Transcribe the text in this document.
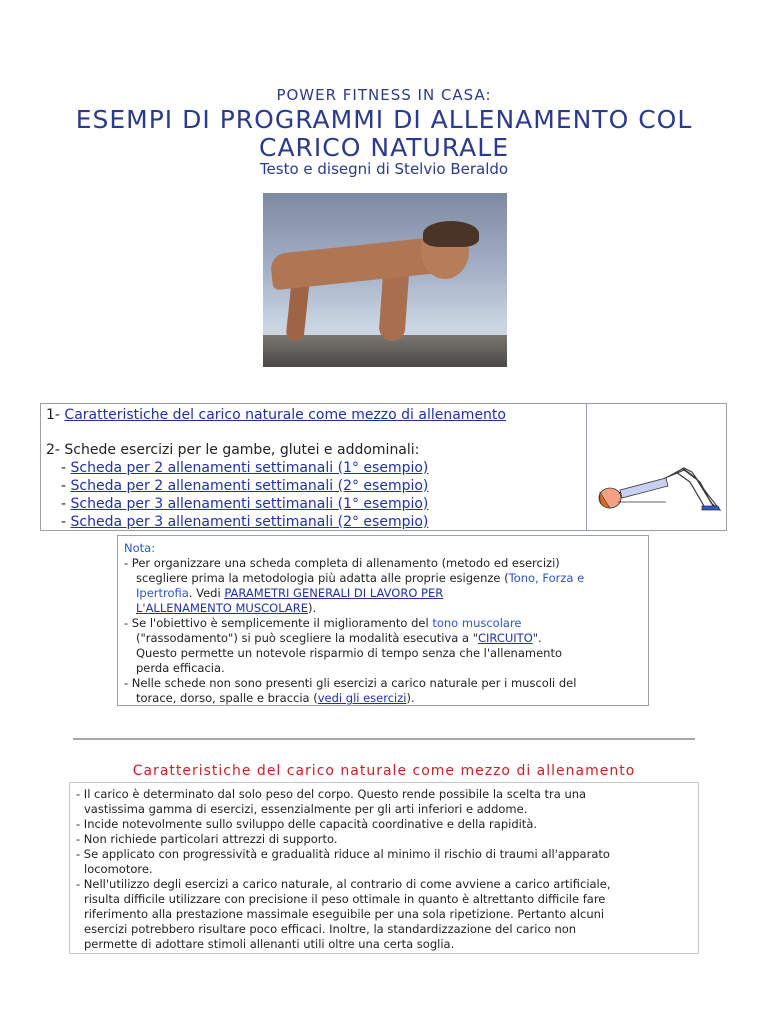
POWER FITNESS IN CASA:
ESEMPI DI PROGRAMMI DI ALLENAMENTO COL
CARICO NATURALE
Testo e disegni di Stelvio Beraldo
1- Caratteristiche del carico naturale come mezzo di allenamento
2- Schede esercizi per le gambe, glutei e addominali:
- Scheda per 2 allenamenti settimanali (1° esempio)
- Scheda per 2 allenamenti settimanali (2° esempio)
- Scheda per 3 allenamenti settimanali (1° esempio)
- Scheda per 3 allenamenti settimanali (2° esempio)
Nota:
- Per organizzare una scheda completa di allenamento (metodo ed esercizi)
scegliere prima la metodologia più adatta alle proprie esigenze (Tono, Forza e
Ipertrofia. Vedi PARAMETRI GENERALI DI LAVORO PER
L'ALLENAMENTO MUSCOLARE).
- Se l'obiettivo è semplicemente il miglioramento del tono muscolare
("rassodamento") si può scegliere la modalità esecutiva a "CIRCUITO".
Questo permette un notevole risparmio di tempo senza che l'allenamento
perda efficacia.
- Nelle schede non sono presenti gli esercizi a carico naturale per i muscoli del
torace, dorso, spalle e braccia (vedi gli esercizi).
Caratteristiche del carico naturale come mezzo di allenamento
- Il carico è determinato dal solo peso del corpo. Questo rende possibile la scelta tra una
vastissima gamma di esercizi, essenzialmente per gli arti inferiori e addome.
- Incide notevolmente sullo sviluppo delle capacità coordinative e della rapidità.
- Non richiede particolari attrezzi di supporto.
- Se applicato con progressività e gradualità riduce al minimo il rischio di traumi all'apparato
locomotore.
- Nell'utilizzo degli esercizi a carico naturale, al contrario di come avviene a carico artificiale,
risulta difficile utilizzare con precisione il peso ottimale in quanto è altrettanto difficile fare
riferimento alla prestazione massimale eseguibile per una sola ripetizione. Pertanto alcuni
esercizi potrebbero risultare poco efficaci. Inoltre, la standardizzazione del carico non
permette di adottare stimoli allenanti utili oltre una certa soglia.
